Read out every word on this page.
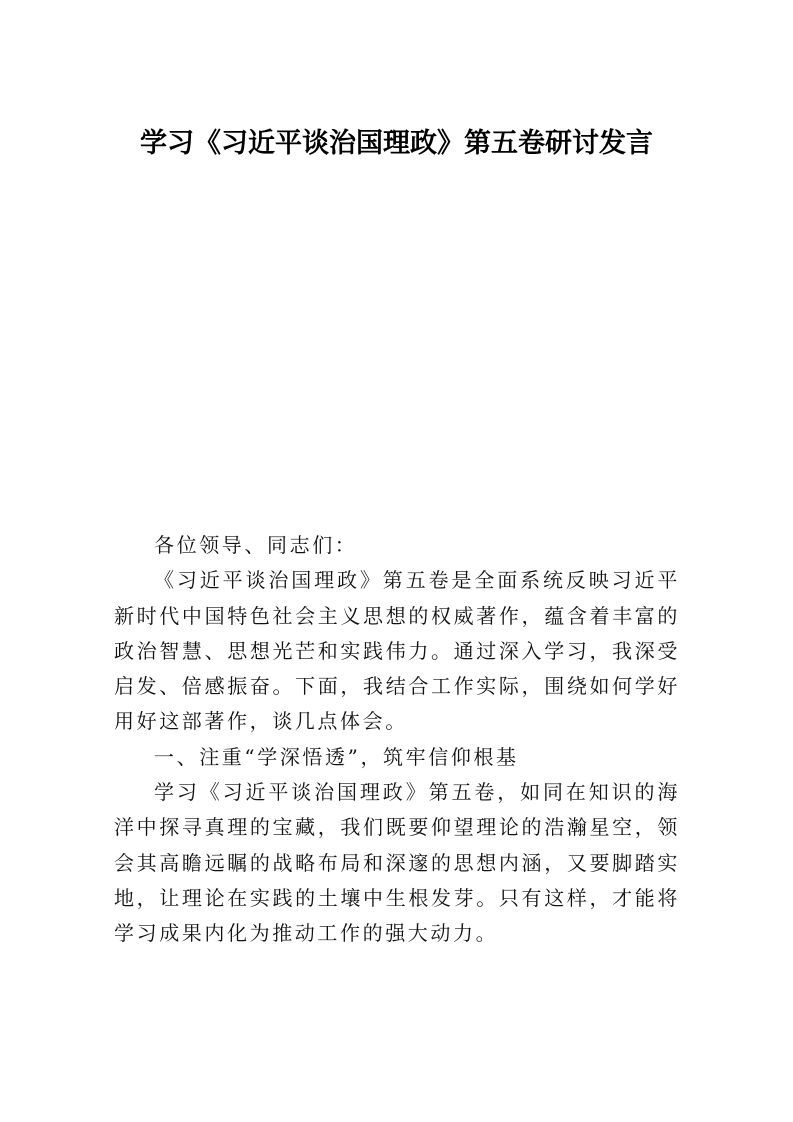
学习《习近平谈治国理政》第五卷研讨发言

各位领导、同志们：

《习近平谈治国理政》第五卷是全面系统反映习近平新时代中国特色社会主义思想的权威著作，蕴含着丰富的政治智慧、思想光芒和实践伟力。通过深入学习，我深受启发、倍感振奋。下面，我结合工作实际，围绕如何学好用好这部著作，谈几点体会。

一、注重“学深悟透”，筑牢信仰根基

学习《习近平谈治国理政》第五卷，如同在知识的海洋中探寻真理的宝藏，我们既要仰望理论的浩瀚星空，领会其高瞻远瞩的战略布局和深邃的思想内涵，又要脚踏实地，让理论在实践的土壤中生根发芽。只有这样，才能将学习成果内化为推动工作的强大动力。
